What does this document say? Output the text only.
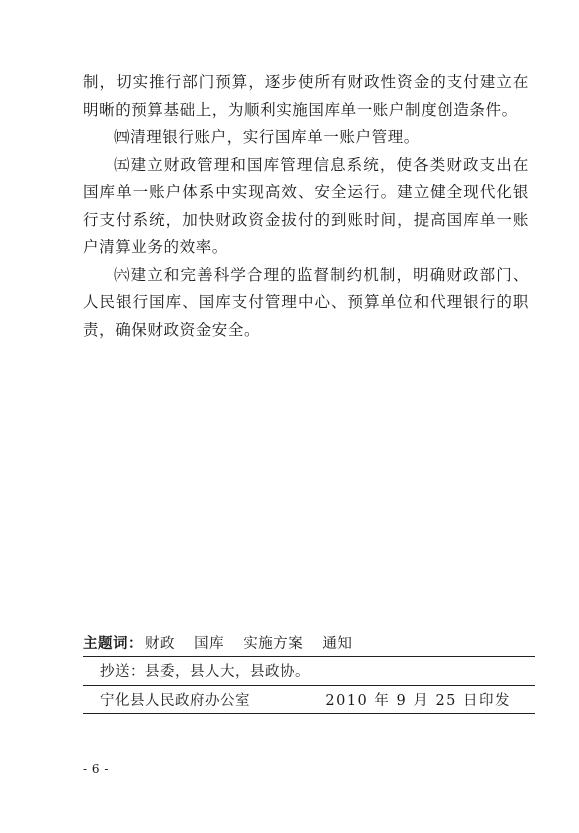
制，切实推行部门预算，逐步使所有财政性资金的支付建立在明晰的预算基础上，为顺利实施国库单一账户制度创造条件。

㈣清理银行账户，实行国库单一账户管理。

㈤建立财政管理和国库管理信息系统，使各类财政支出在国库单一账户体系中实现高效、安全运行。建立健全现代化银行支付系统，加快财政资金拔付的到账时间，提高国库单一账户清算业务的效率。

㈥建立和完善科学合理的监督制约机制，明确财政部门、人民银行国库、国库支付管理中心、预算单位和代理银行的职责，确保财政资金安全。

主题词： 财政 国库 实施方案 通知
抄送：县委，县人大，县政协。
宁化县人民政府办公室	2010 年 9 月 25 日印发
- 6 -
